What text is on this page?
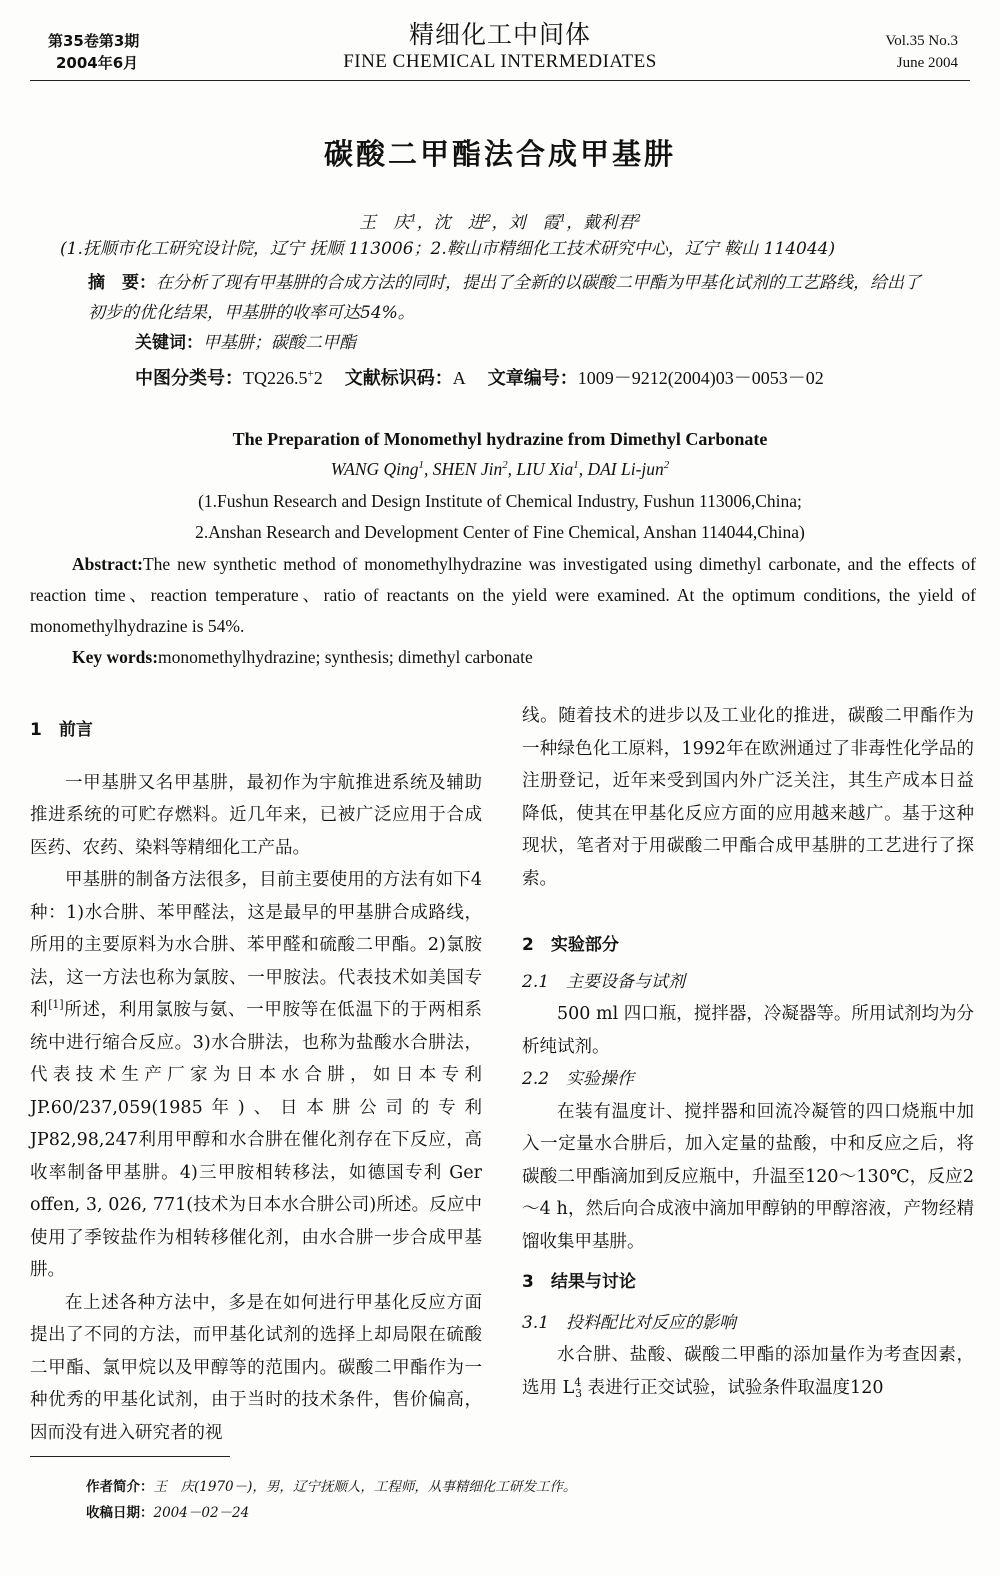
第35卷第3期
2004年6月
精细化工中间体
FINE CHEMICAL INTERMEDIATES
Vol.35 No.3
June 2004
碳酸二甲酯法合成甲基肼
王　庆$^1$，沈　进$^2$，刘　霞$^1$，戴利君$^2$
(1.抚顺市化工研究设计院，辽宁 抚顺 113006；2.鞍山市精细化工技术研究中心，辽宁 鞍山 114044)
摘　要：在分析了现有甲基肼的合成方法的同时，提出了全新的以碳酸二甲酯为甲基化试剂的工艺路线，给出了初步的优化结果，甲基肼的收率可达54%。
关键词：甲基肼；碳酸二甲酯
中图分类号：TQ226.5+2 文献标识码：A 文章编号：1009－9212(2004)03－0053－02
The Preparation of Monomethyl hydrazine from Dimethyl Carbonate
WANG Qing$^1$, SHEN Jin$^2$, LIU Xia$^1$, DAI Li-jun$^2$
(1.Fushun Research and Design Institute of Chemical Industry, Fushun 113006,China;
2.Anshan Research and Development Center of Fine Chemical, Anshan 114044,China)
Abstract:The new synthetic method of monomethylhydrazine was investigated using dimethyl carbonate, and the effects of reaction time、reaction temperature、ratio of reactants on the yield were examined. At the optimum conditions, the yield of monomethylhydrazine is 54%.
Key words:monomethylhydrazine; synthesis; dimethyl carbonate

1　前言

一甲基肼又名甲基肼，最初作为宇航推进系统及辅助推进系统的可贮存燃料。近几年来，已被广泛应用于合成医药、农药、染料等精细化工产品。

甲基肼的制备方法很多，目前主要使用的方法有如下4种：1)水合肼、苯甲醛法，这是最早的甲基肼合成路线，所用的主要原料为水合肼、苯甲醛和硫酸二甲酯。2)氯胺法，这一方法也称为氯胺、一甲胺法。代表技术如美国专利[1]所述，利用氯胺与氨、一甲胺等在低温下的于两相系统中进行缩合反应。3)水合肼法，也称为盐酸水合肼法，代表技术生产厂家为日本水合肼，如日本专利 JP.60/237,059(1985年)、日本肼公司的专利JP82,98,247利用甲醇和水合肼在催化剂存在下反应，高收率制备甲基肼。4)三甲胺相转移法，如德国专利 Ger offen, 3, 026, 771(技术为日本水合肼公司)所述。反应中使用了季铵盐作为相转移催化剂，由水合肼一步合成甲基肼。

在上述各种方法中，多是在如何进行甲基化反应方面提出了不同的方法，而甲基化试剂的选择上却局限在硫酸二甲酯、氯甲烷以及甲醇等的范围内。碳酸二甲酯作为一种优秀的甲基化试剂，由于当时的技术条件，售价偏高，因而没有进入研究者的视

线。随着技术的进步以及工业化的推进，碳酸二甲酯作为一种绿色化工原料，1992年在欧洲通过了非毒性化学品的注册登记，近年来受到国内外广泛关注，其生产成本日益降低，使其在甲基化反应方面的应用越来越广。基于这种现状，笔者对于用碳酸二甲酯合成甲基肼的工艺进行了探索。

2　实验部分

2.1　主要设备与试剂

500 ml 四口瓶，搅拌器，冷凝器等。所用试剂均为分析纯试剂。

2.2　实验操作

在装有温度计、搅拌器和回流冷凝管的四口烧瓶中加入一定量水合肼后，加入定量的盐酸，中和反应之后，将碳酸二甲酯滴加到反应瓶中，升温至120～130℃，反应2～4 h，然后向合成液中滴加甲醇钠的甲醇溶液，产物经精馏收集甲基肼。

3　结果与讨论

3.1　投料配比对反应的影响

水合肼、盐酸、碳酸二甲酯的添加量作为考查因素，选用 $L^4_3$ 表进行正交试验，试验条件取温度120

作者简介：王　庆(1970－)，男，辽宁抚顺人，工程师，从事精细化工研发工作。
收稿日期：2004－02－24
